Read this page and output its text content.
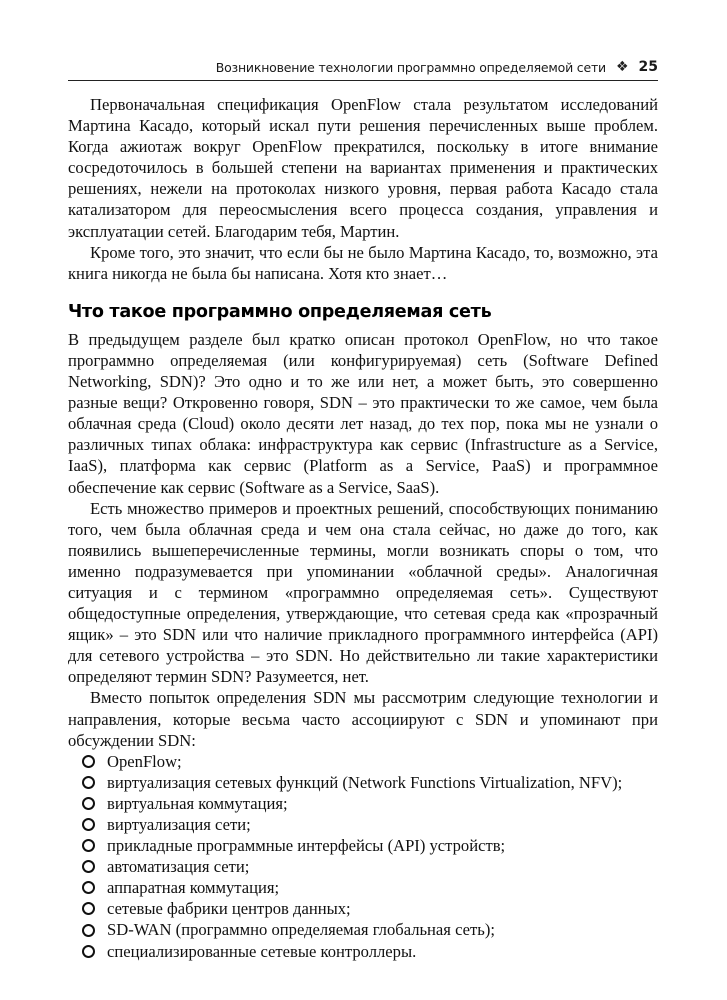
Возникновение технологии программно определяемой сети ❖ 25

Первоначальная спецификация OpenFlow стала результатом исследований Мартина Касадо, который искал пути решения перечисленных выше проблем. Когда ажиотаж вокруг OpenFlow прекратился, поскольку в итоге внимание сосредоточилось в большей степени на вариантах применения и практических решениях, нежели на протоколах низкого уровня, первая работа Касадо стала катализатором для переосмысления всего процесса создания, управления и эксплуатации сетей. Благодарим тебя, Мартин.

Кроме того, это значит, что если бы не было Мартина Касадо, то, возможно, эта книга никогда не была бы написана. Хотя кто знает…

Что такое программно определяемая сеть

В предыдущем разделе был кратко описан протокол OpenFlow, но что такое программно определяемая (или конфигурируемая) сеть (Software Defined Networking, SDN)? Это одно и то же или нет, а может быть, это совершенно разные вещи? Откровенно говоря, SDN – это практически то же самое, чем была облачная среда (Cloud) около десяти лет назад, до тех пор, пока мы не узнали о различных типах облака: инфраструктура как сервис (Infrastructure as a Service, IaaS), платформа как сервис (Platform as a Service, PaaS) и программное обеспечение как сервис (Software as a Service, SaaS).

Есть множество примеров и проектных решений, способствующих пониманию того, чем была облачная среда и чем она стала сейчас, но даже до того, как появились вышеперечисленные термины, могли возникать споры о том, что именно подразумевается при упоминании «облачной среды». Аналогичная ситуация и с термином «программно определяемая сеть». Существуют общедоступные определения, утверждающие, что сетевая среда как «прозрачный ящик» – это SDN или что наличие прикладного программного интерфейса (API) для сетевого устройства – это SDN. Но действительно ли такие характеристики определяют термин SDN? Разумеется, нет.

Вместо попыток определения SDN мы рассмотрим следующие технологии и направления, которые весьма часто ассоциируют с SDN и упоминают при обсуждении SDN:

OpenFlow;
виртуализация сетевых функций (Network Functions Virtualization, NFV);
виртуальная коммутация;
виртуализация сети;
прикладные программные интерфейсы (API) устройств;
автоматизация сети;
аппаратная коммутация;
сетевые фабрики центров данных;
SD-WAN (программно определяемая глобальная сеть);
специализированные сетевые контроллеры.
